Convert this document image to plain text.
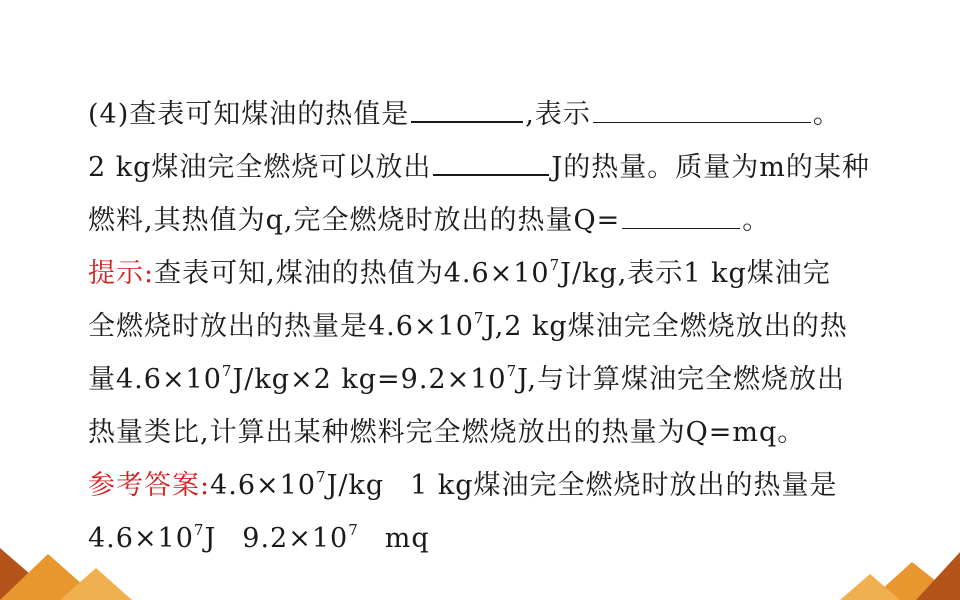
(4)查表可知煤油的热值是	,表示	。
2 kg煤油完全燃烧可以放出	J的热量。质量为m的某种
燃料,其热值为q,完全燃烧时放出的热量Q=	。
提示:查表可知,煤油的热值为$4.6\times 10^7J/kg$,表示1 kg煤油完
全燃烧时放出的热量是$4.6\times 10^7J,2$ kg煤油完全燃烧放出的热
量$4.6\times 10^7J/kg\times 2$ $kg=9.2\times 10^7J$,与计算煤油完全燃烧放出
热量类比,计算出某种燃料完全燃烧放出的热量为Q=mq。
参考答案$:4.6\times 10^7J/kg$ 1 kg煤油完全燃烧时放出的热量是
$4.6\times 10^7J$ $9.2\times 10^7$ mq
